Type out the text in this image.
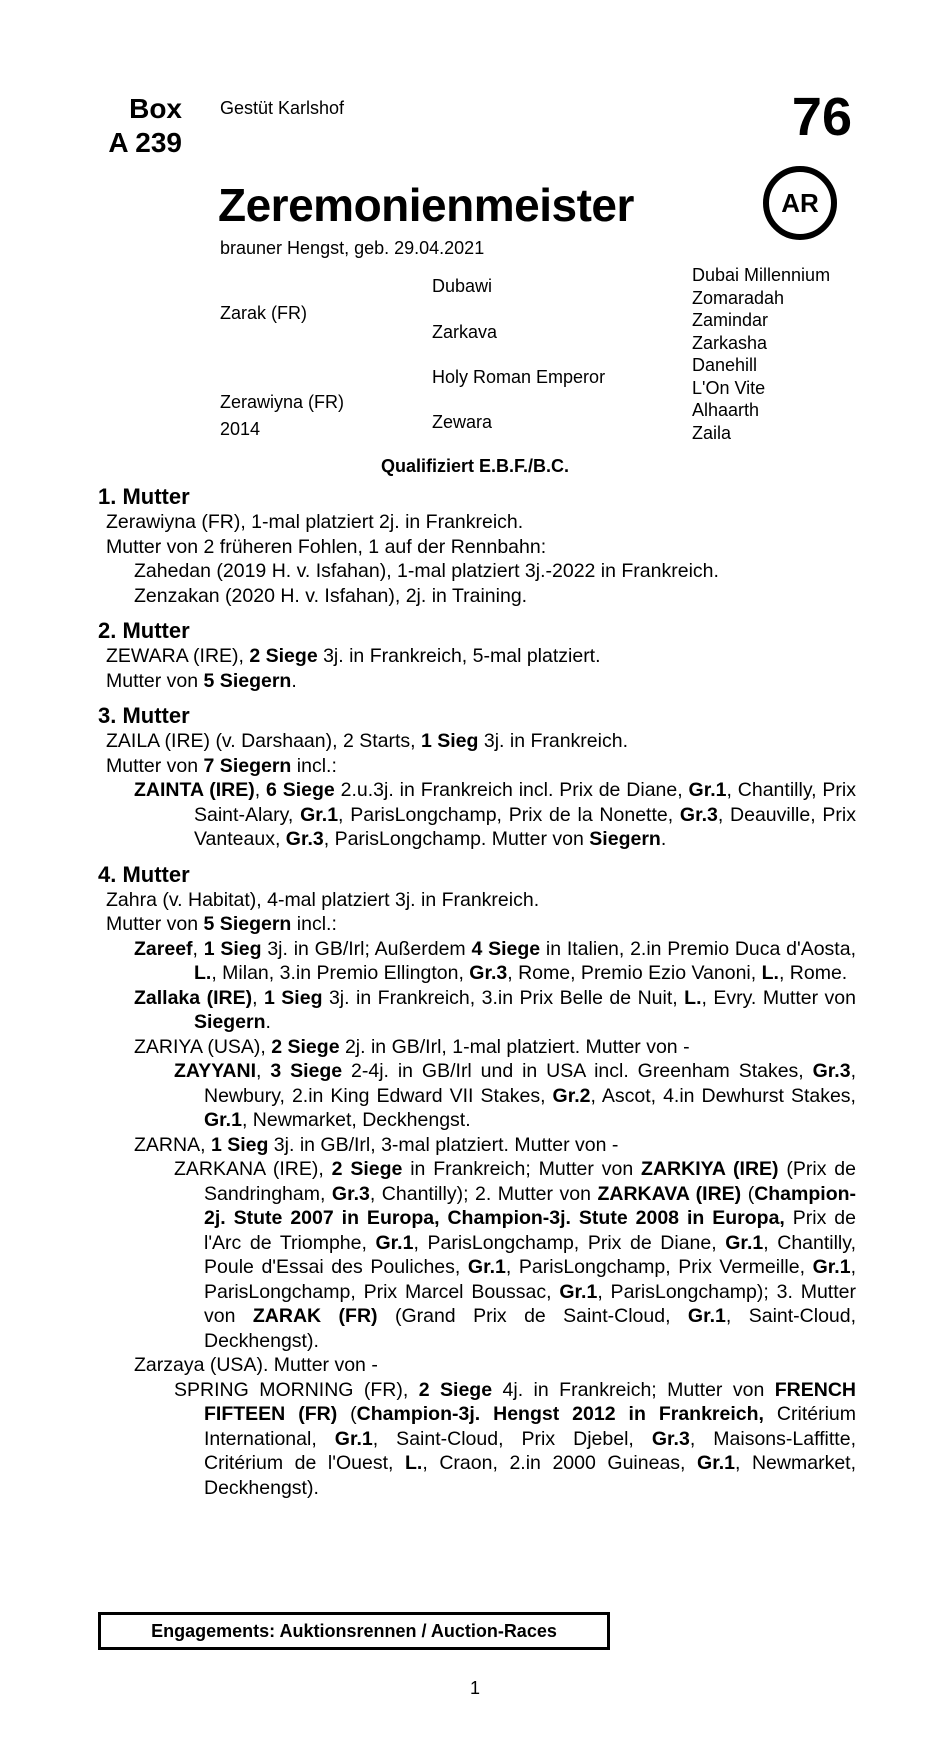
Box
A 239
Gestüt Karlshof	76
Zeremonienmeister	AR
brauner Hengst, geb. 29.04.2021
Zarak (FR)
Zerawiyna (FR)
2014
Dubawi
Zarkava
Holy Roman Emperor
Zewara
Dubai Millennium
Zomaradah
Zamindar
Zarkasha
Danehill
L'On Vite
Alhaarth
Zaila
Qualifiziert E.B.F./B.C.
1. Mutter

Zerawiyna (FR), 1-mal platziert 2j. in Frankreich.

Mutter von 2 früheren Fohlen, 1 auf der Rennbahn:

Zahedan (2019 H. v. Isfahan), 1-mal platziert 3j.-2022 in Frankreich.

Zenzakan (2020 H. v. Isfahan), 2j. in Training.

2. Mutter

ZEWARA (IRE), 2 Siege 3j. in Frankreich, 5-mal platziert.

Mutter von 5 Siegern.

3. Mutter

ZAILA (IRE) (v. Darshaan), 2 Starts, 1 Sieg 3j. in Frankreich.

Mutter von 7 Siegern incl.:

ZAINTA (IRE), 6 Siege 2.u.3j. in Frankreich incl. Prix de Diane, Gr.1, Chantilly, Prix Saint-Alary, Gr.1, ParisLongchamp, Prix de la Nonette, Gr.3, Deauville, Prix Vanteaux, Gr.3, ParisLongchamp. Mutter von Siegern.

4. Mutter

Zahra (v. Habitat), 4-mal platziert 3j. in Frankreich.

Mutter von 5 Siegern incl.:

Zareef, 1 Sieg 3j. in GB/Irl; Außerdem 4 Siege in Italien, 2.in Premio Duca d'Aosta, L., Milan, 3.in Premio Ellington, Gr.3, Rome, Premio Ezio Vanoni, L., Rome.

Zallaka (IRE), 1 Sieg 3j. in Frankreich, 3.in Prix Belle de Nuit, L., Evry. Mutter von Siegern.

ZARIYA (USA), 2 Siege 2j. in GB/Irl, 1-mal platziert. Mutter von -

ZAYYANI, 3 Siege 2-4j. in GB/Irl und in USA incl. Greenham Stakes, Gr.3, Newbury, 2.in King Edward VII Stakes, Gr.2, Ascot, 4.in Dewhurst Stakes, Gr.1, Newmarket, Deckhengst.

ZARNA, 1 Sieg 3j. in GB/Irl, 3-mal platziert. Mutter von -

ZARKANA (IRE), 2 Siege in Frankreich; Mutter von ZARKIYA (IRE) (Prix de Sandringham, Gr.3, Chantilly); 2. Mutter von ZARKAVA (IRE) (Champion-2j. Stute 2007 in Europa, Champion-3j. Stute 2008 in Europa, Prix de l'Arc de Triomphe, Gr.1, ParisLongchamp, Prix de Diane, Gr.1, Chantilly, Poule d'Essai des Pouliches, Gr.1, ParisLongchamp, Prix Vermeille, Gr.1, ParisLongchamp, Prix Marcel Boussac, Gr.1, ParisLongchamp); 3. Mutter von ZARAK (FR) (Grand Prix de Saint-Cloud, Gr.1, Saint-Cloud, Deckhengst).

Zarzaya (USA). Mutter von -

SPRING MORNING (FR), 2 Siege 4j. in Frankreich; Mutter von FRENCH FIFTEEN (FR) (Champion-3j. Hengst 2012 in Frankreich, Critérium International, Gr.1, Saint-Cloud, Prix Djebel, Gr.3, Maisons-Laffitte, Critérium de l'Ouest, L., Craon, 2.in 2000 Guineas, Gr.1, Newmarket, Deckhengst).

Engagements: Auktionsrennen / Auction-Races
1
